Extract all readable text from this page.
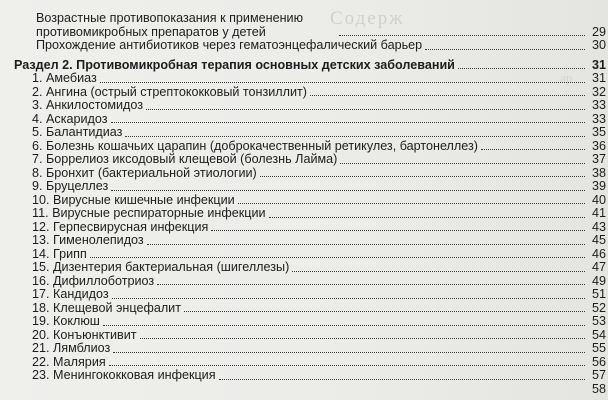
Содерж
ар
Возрастные противопоказания к применению противомикробных препаратов у детей	29
Прохождение антибиотиков через гематоэнцефалический барьер	30
Раздел 2. Противомикробная терапия основных детских заболеваний	31
1. Амебиаз	31
2. Ангина (острый стрептококковый тонзиллит)	32
3. Анкилостомидоз	33
4. Аскаридоз	33
5. Балантидиаз	35
6. Болезнь кошачьих царапин (доброкачественный ретикулез, бартонеллез)	36
7. Боррелиоз иксодовый клещевой (болезнь Лайма)	37
8. Бронхит (бактериальной этиологии)	38
9. Бруцеллез	39
10. Вирусные кишечные инфекции	40
11. Вирусные респираторные инфекции	41
12. Герпесвирусная инфекция	43
13. Гименолепидоз	45
14. Грипп	46
15. Дизентерия бактериальная (шигеллезы)	47
16. Дифиллоботриоз	49
17. Кандидоз	51
18. Клещевой энцефалит	52
19. Коклюш	53
20. Конъюнктивит	54
21. Лямблиоз	55
22. Малярия	56
23. Менингококковая инфекция	57
58
